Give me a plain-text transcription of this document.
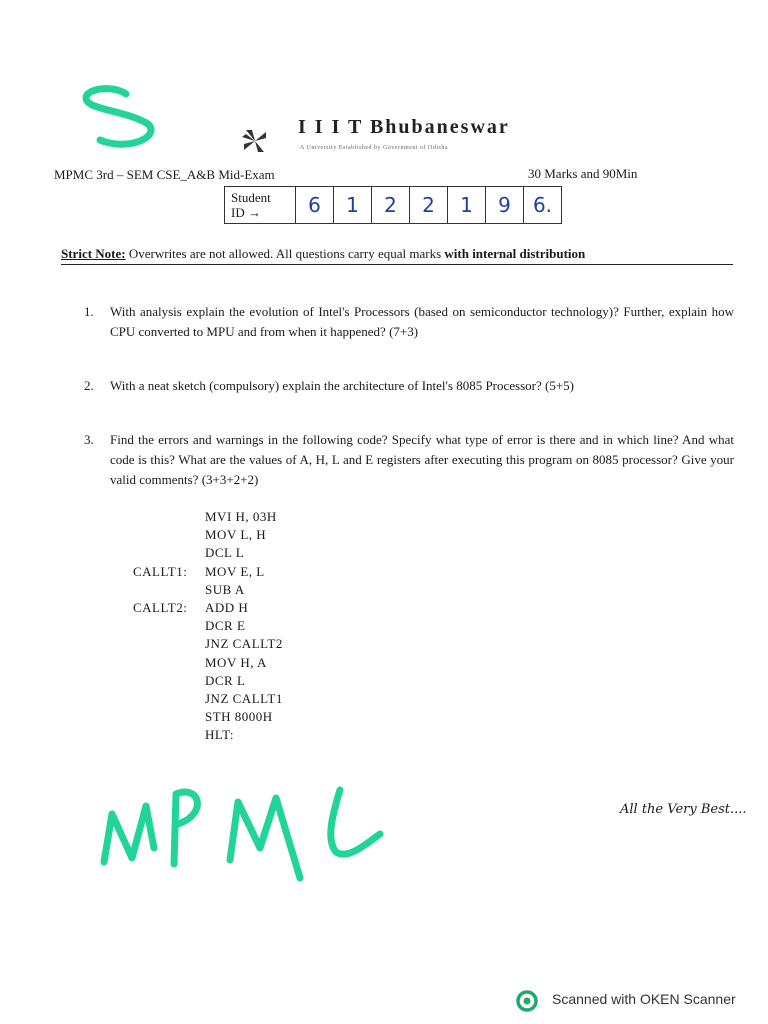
I I I T Bhubaneswar
A University Established by Government of Odisha
MPMC 3rd – SEM CSE_A&B Mid-Exam	30 Marks and 90Min
Student
ID →	6	1	2	2	1	9	6.
Strict Note: Overwrites are not allowed. All questions carry equal marks with internal distribution
1.	With analysis explain the evolution of Intel's Processors (based on semiconductor technology)? Further, explain how CPU converted to MPU and from when it happened? (7+3)
2.	With a neat sketch (compulsory) explain the architecture of Intel's 8085 Processor? (5+5)
3.	Find the errors and warnings in the following code? Specify what type of error is there and in which line? And what code is this? What are the values of A, H, L and E registers after executing this program on 8085 processor? Give your valid comments? (3+3+2+2)
MVI H, 03H
MOV L, H
DCL L
CALLT1:	MOV E, L
SUB A
CALLT2:	ADD H
DCR E
JNZ CALLT2
MOV H, A
DCR L
JNZ CALLT1
STH 8000H
HLT:
All the Very Best....
Scanned with OKEN Scanner
